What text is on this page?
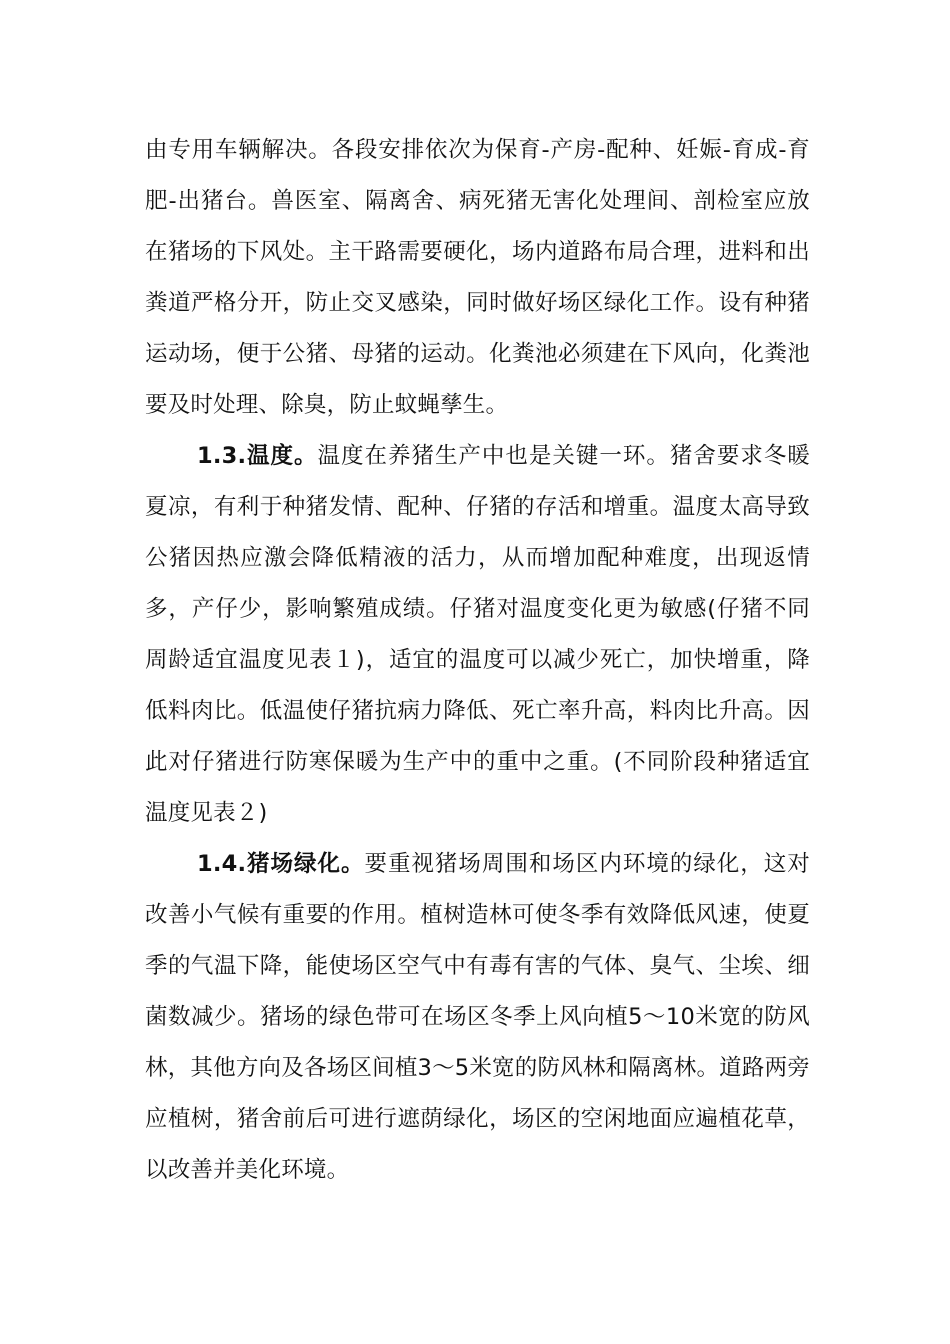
由专用车辆解决。各段安排依次为保育-产房-配种、妊娠-育成-育肥-出猪台。兽医室、隔离舍、病死猪无害化处理间、剖检室应放在猪场的下风处。主干路需要硬化，场内道路布局合理，进料和出粪道严格分开，防止交叉感染，同时做好场区绿化工作。设有种猪运动场，便于公猪、母猪的运动。化粪池必须建在下风向，化粪池要及时处理、除臭，防止蚊蝇孳生。

1.3.温度。温度在养猪生产中也是关键一环。猪舍要求冬暖夏凉，有利于种猪发情、配种、仔猪的存活和增重。温度太高导致公猪因热应激会降低精液的活力，从而增加配种难度，出现返情多，产仔少，影响繁殖成绩。仔猪对温度变化更为敏感(仔猪不同周龄适宜温度见表１)，适宜的温度可以减少死亡，加快增重，降低料肉比。低温使仔猪抗病力降低、死亡率升高，料肉比升高。因此对仔猪进行防寒保暖为生产中的重中之重。(不同阶段种猪适宜温度见表２)

1.4.猪场绿化。要重视猪场周围和场区内环境的绿化，这对改善小气候有重要的作用。植树造林可使冬季有效降低风速，使夏季的气温下降，能使场区空气中有毒有害的气体、臭气、尘埃、细菌数减少。猪场的绿色带可在场区冬季上风向植5～10米宽的防风林，其他方向及各场区间植3～5米宽的防风林和隔离林。道路两旁应植树，猪舍前后可进行遮荫绿化，场区的空闲地面应遍植花草，以改善并美化环境。
